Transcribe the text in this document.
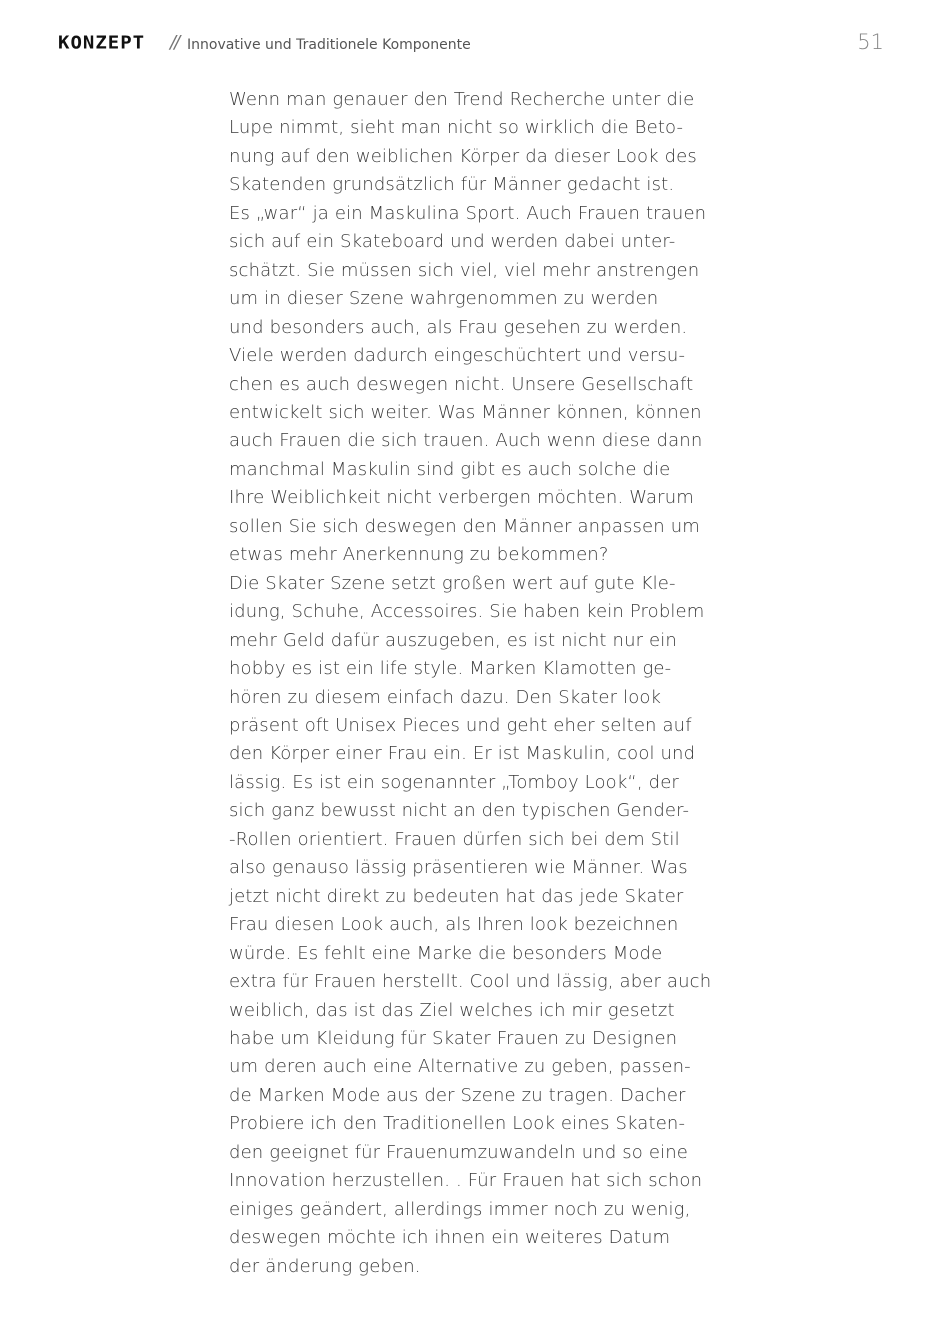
KONZEPT // Innovative und Traditionele Komponente	51
Wenn man genauer den Trend Recherche unter die
Lupe nimmt, sieht man nicht so wirklich die Beto-
nung auf den weiblichen Körper da dieser Look des
Skatenden grundsätzlich für Männer gedacht ist.
Es „war“ ja ein Maskulina Sport. Auch Frauen trauen
sich auf ein Skateboard und werden dabei unter-
schätzt. Sie müssen sich viel, viel mehr anstrengen
um in dieser Szene wahrgenommen zu werden
und besonders auch, als Frau gesehen zu werden.
Viele werden dadurch eingeschüchtert und versu-
chen es auch deswegen nicht. Unsere Gesellschaft
entwickelt sich weiter. Was Männer können, können
auch Frauen die sich trauen. Auch wenn diese dann
manchmal Maskulin sind gibt es auch solche die
Ihre Weiblichkeit nicht verbergen möchten. Warum
sollen Sie sich deswegen den Männer anpassen um
etwas mehr Anerkennung zu bekommen?
Die Skater Szene setzt großen wert auf gute Kle-
idung, Schuhe, Accessoires. Sie haben kein Problem
mehr Geld dafür auszugeben, es ist nicht nur ein
hobby es ist ein life style. Marken Klamotten ge-
hören zu diesem einfach dazu. Den Skater look
präsent oft Unisex Pieces und geht eher selten auf
den Körper einer Frau ein. Er ist Maskulin, cool und
lässig. Es ist ein sogenannter „Tomboy Look“, der
sich ganz bewusst nicht an den typischen Gender-
-Rollen orientiert. Frauen dürfen sich bei dem Stil
also genauso lässig präsentieren wie Männer. Was
jetzt nicht direkt zu bedeuten hat das jede Skater
Frau diesen Look auch, als Ihren look bezeichnen
würde. Es fehlt eine Marke die besonders Mode
extra für Frauen herstellt. Cool und lässig, aber auch
weiblich, das ist das Ziel welches ich mir gesetzt
habe um Kleidung für Skater Frauen zu Designen
um deren auch eine Alternative zu geben, passen-
de Marken Mode aus der Szene zu tragen. Dacher
Probiere ich den Traditionellen Look eines Skaten-
den geeignet für Frauenumzuwandeln und so eine
Innovation herzustellen. . Für Frauen hat sich schon
einiges geändert, allerdings immer noch zu wenig,
deswegen möchte ich ihnen ein weiteres Datum
der änderung geben.
